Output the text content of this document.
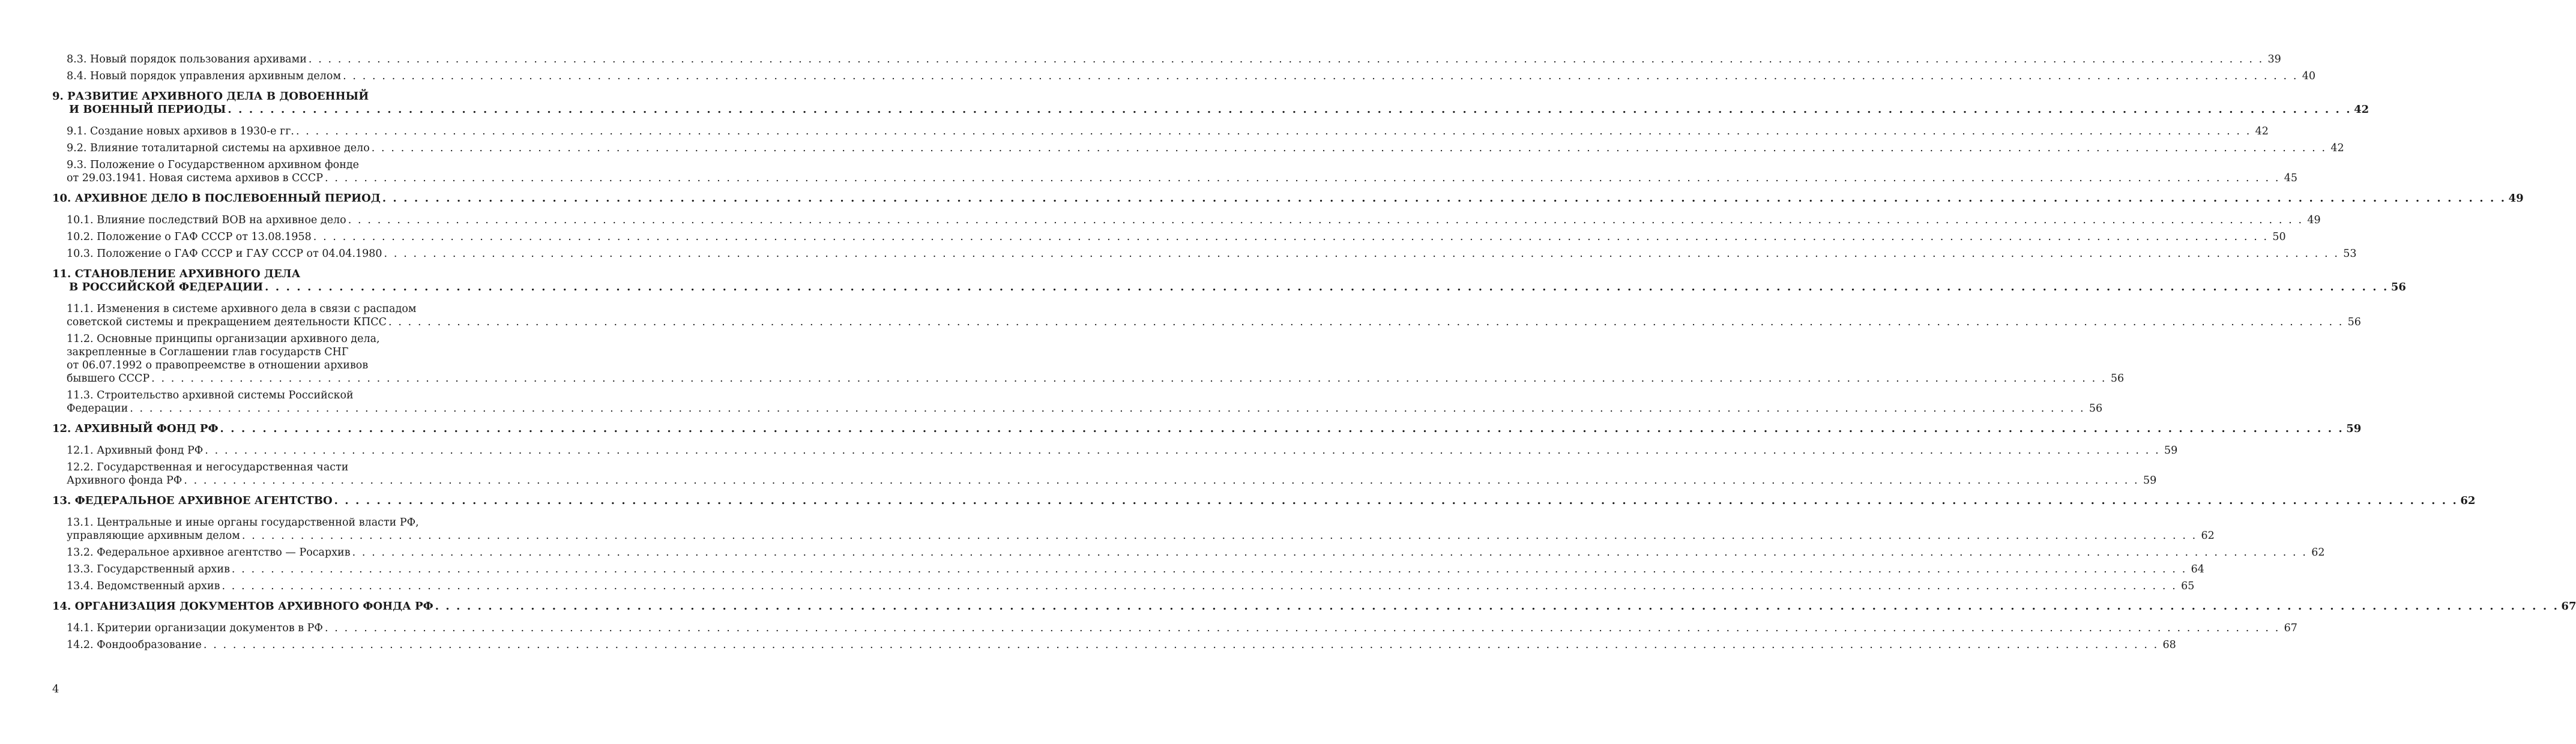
8.3. Новый порядок пользования архивами . . . . . . . . . . . . . . . . . . . . . . . . . . . . . . . . . . . . . . . . . . . . . . . . . . . . . . . . . . . . . . . . . . . . . . . . . . . . . . . . . . . . . . . . . . . . . . . . . . . . . . . . . . . . . . . . . . . . . . . . . . . . . . . . . . . . . . . . . . . . . . . . . . . . . . . . . . . . . . . . . . . . . . . . . . . . . . . . . . . . . . . . . . . . . . . . . . . . . . . . 39
8.4. Новый порядок управления архивным делом . . . . . . . . . . . . . . . . . . . . . . . . . . . . . . . . . . . . . . . . . . . . . . . . . . . . . . . . . . . . . . . . . . . . . . . . . . . . . . . . . . . . . . . . . . . . . . . . . . . . . . . . . . . . . . . . . . . . . . . . . . . . . . . . . . . . . . . . . . . . . . . . . . . . . . . . . . . . . . . . . . . . . . . . . . . . . . . . . . . . . . . . . . . . . . . . . . . . . . . . 40
9. РАЗВИТИЕ АРХИВНОГО ДЕЛА В ДОВОЕННЫЙ
И ВОЕННЫЙ ПЕРИОДЫ . . . . . . . . . . . . . . . . . . . . . . . . . . . . . . . . . . . . . . . . . . . . . . . . . . . . . . . . . . . . . . . . . . . . . . . . . . . . . . . . . . . . . . . . . . . . . . . . . . . . . . . . . . . . . . . . . . . . . . . . . . . . . . . . . . . . . . . . . . . . . . . . . . . . . . . . . . . . . . . . . . . . . . . . . . . . . . . . . . . . . . . . . . . . . . . . . . . . . . . . 42
9.1. Создание новых архивов в 1930-е гг. . . . . . . . . . . . . . . . . . . . . . . . . . . . . . . . . . . . . . . . . . . . . . . . . . . . . . . . . . . . . . . . . . . . . . . . . . . . . . . . . . . . . . . . . . . . . . . . . . . . . . . . . . . . . . . . . . . . . . . . . . . . . . . . . . . . . . . . . . . . . . . . . . . . . . . . . . . . . . . . . . . . . . . . . . . . . . . . . . . . . . . . . . . . . . . . . . . . . . . . . 42
9.2. Влияние тоталитарной системы на архивное дело . . . . . . . . . . . . . . . . . . . . . . . . . . . . . . . . . . . . . . . . . . . . . . . . . . . . . . . . . . . . . . . . . . . . . . . . . . . . . . . . . . . . . . . . . . . . . . . . . . . . . . . . . . . . . . . . . . . . . . . . . . . . . . . . . . . . . . . . . . . . . . . . . . . . . . . . . . . . . . . . . . . . . . . . . . . . . . . . . . . . . . . . . . . . . . . . . . . . . . . . 42
9.3. Положение о Государственном архивном фонде
от 29.03.1941. Новая система архивов в СССР . . . . . . . . . . . . . . . . . . . . . . . . . . . . . . . . . . . . . . . . . . . . . . . . . . . . . . . . . . . . . . . . . . . . . . . . . . . . . . . . . . . . . . . . . . . . . . . . . . . . . . . . . . . . . . . . . . . . . . . . . . . . . . . . . . . . . . . . . . . . . . . . . . . . . . . . . . . . . . . . . . . . . . . . . . . . . . . . . . . . . . . . . . . . . . . . . . . . . . . . 45
10. АРХИВНОЕ ДЕЛО В ПОСЛЕВОЕННЫЙ ПЕРИОД . . . . . . . . . . . . . . . . . . . . . . . . . . . . . . . . . . . . . . . . . . . . . . . . . . . . . . . . . . . . . . . . . . . . . . . . . . . . . . . . . . . . . . . . . . . . . . . . . . . . . . . . . . . . . . . . . . . . . . . . . . . . . . . . . . . . . . . . . . . . . . . . . . . . . . . . . . . . . . . . . . . . . . . . . . . . . . . . . . . . . . . . . . . . . . . . . . . . . . . . 49
10.1. Влияние последствий ВОВ на архивное дело . . . . . . . . . . . . . . . . . . . . . . . . . . . . . . . . . . . . . . . . . . . . . . . . . . . . . . . . . . . . . . . . . . . . . . . . . . . . . . . . . . . . . . . . . . . . . . . . . . . . . . . . . . . . . . . . . . . . . . . . . . . . . . . . . . . . . . . . . . . . . . . . . . . . . . . . . . . . . . . . . . . . . . . . . . . . . . . . . . . . . . . . . . . . . . . . . . . . . . . . 49
10.2. Положение о ГАФ СССР от 13.08.1958 . . . . . . . . . . . . . . . . . . . . . . . . . . . . . . . . . . . . . . . . . . . . . . . . . . . . . . . . . . . . . . . . . . . . . . . . . . . . . . . . . . . . . . . . . . . . . . . . . . . . . . . . . . . . . . . . . . . . . . . . . . . . . . . . . . . . . . . . . . . . . . . . . . . . . . . . . . . . . . . . . . . . . . . . . . . . . . . . . . . . . . . . . . . . . . . . . . . . . . . . 50
10.3. Положение о ГАФ СССР и ГАУ СССР от 04.04.1980 . . . . . . . . . . . . . . . . . . . . . . . . . . . . . . . . . . . . . . . . . . . . . . . . . . . . . . . . . . . . . . . . . . . . . . . . . . . . . . . . . . . . . . . . . . . . . . . . . . . . . . . . . . . . . . . . . . . . . . . . . . . . . . . . . . . . . . . . . . . . . . . . . . . . . . . . . . . . . . . . . . . . . . . . . . . . . . . . . . . . . . . . . . . . . . . . . . . . . . . . 53
11. СТАНОВЛЕНИЕ АРХИВНОГО ДЕЛА
В РОССИЙСКОЙ ФЕДЕРАЦИИ . . . . . . . . . . . . . . . . . . . . . . . . . . . . . . . . . . . . . . . . . . . . . . . . . . . . . . . . . . . . . . . . . . . . . . . . . . . . . . . . . . . . . . . . . . . . . . . . . . . . . . . . . . . . . . . . . . . . . . . . . . . . . . . . . . . . . . . . . . . . . . . . . . . . . . . . . . . . . . . . . . . . . . . . . . . . . . . . . . . . . . . . . . . . . . . . . . . . . . . . 56
11.1. Изменения в системе архивного дела в связи с распадом
советской системы и прекращением деятельности КПСС . . . . . . . . . . . . . . . . . . . . . . . . . . . . . . . . . . . . . . . . . . . . . . . . . . . . . . . . . . . . . . . . . . . . . . . . . . . . . . . . . . . . . . . . . . . . . . . . . . . . . . . . . . . . . . . . . . . . . . . . . . . . . . . . . . . . . . . . . . . . . . . . . . . . . . . . . . . . . . . . . . . . . . . . . . . . . . . . . . . . . . . . . . . . . . . . . . . . . . . . 56
11.2. Основные принципы организации архивного дела,
закрепленные в Соглашении глав государств СНГ
от 06.07.1992 о правопреемстве в отношении архивов
бывшего СССР . . . . . . . . . . . . . . . . . . . . . . . . . . . . . . . . . . . . . . . . . . . . . . . . . . . . . . . . . . . . . . . . . . . . . . . . . . . . . . . . . . . . . . . . . . . . . . . . . . . . . . . . . . . . . . . . . . . . . . . . . . . . . . . . . . . . . . . . . . . . . . . . . . . . . . . . . . . . . . . . . . . . . . . . . . . . . . . . . . . . . . . . . . . . . . . . . . . . . . . . 56
11.3. Строительство архивной системы Российской
Федерации . . . . . . . . . . . . . . . . . . . . . . . . . . . . . . . . . . . . . . . . . . . . . . . . . . . . . . . . . . . . . . . . . . . . . . . . . . . . . . . . . . . . . . . . . . . . . . . . . . . . . . . . . . . . . . . . . . . . . . . . . . . . . . . . . . . . . . . . . . . . . . . . . . . . . . . . . . . . . . . . . . . . . . . . . . . . . . . . . . . . . . . . . . . . . . . . . . . . . . . . 56
12. АРХИВНЫЙ ФОНД РФ . . . . . . . . . . . . . . . . . . . . . . . . . . . . . . . . . . . . . . . . . . . . . . . . . . . . . . . . . . . . . . . . . . . . . . . . . . . . . . . . . . . . . . . . . . . . . . . . . . . . . . . . . . . . . . . . . . . . . . . . . . . . . . . . . . . . . . . . . . . . . . . . . . . . . . . . . . . . . . . . . . . . . . . . . . . . . . . . . . . . . . . . . . . . . . . . . . . . . . . . 59
12.1. Архивный фонд РФ . . . . . . . . . . . . . . . . . . . . . . . . . . . . . . . . . . . . . . . . . . . . . . . . . . . . . . . . . . . . . . . . . . . . . . . . . . . . . . . . . . . . . . . . . . . . . . . . . . . . . . . . . . . . . . . . . . . . . . . . . . . . . . . . . . . . . . . . . . . . . . . . . . . . . . . . . . . . . . . . . . . . . . . . . . . . . . . . . . . . . . . . . . . . . . . . . . . . . . . . 59
12.2. Государственная и негосударственная части
Архивного фонда РФ . . . . . . . . . . . . . . . . . . . . . . . . . . . . . . . . . . . . . . . . . . . . . . . . . . . . . . . . . . . . . . . . . . . . . . . . . . . . . . . . . . . . . . . . . . . . . . . . . . . . . . . . . . . . . . . . . . . . . . . . . . . . . . . . . . . . . . . . . . . . . . . . . . . . . . . . . . . . . . . . . . . . . . . . . . . . . . . . . . . . . . . . . . . . . . . . . . . . . . . . 59
13. ФЕДЕРАЛЬНОЕ АРХИВНОЕ АГЕНТСТВО . . . . . . . . . . . . . . . . . . . . . . . . . . . . . . . . . . . . . . . . . . . . . . . . . . . . . . . . . . . . . . . . . . . . . . . . . . . . . . . . . . . . . . . . . . . . . . . . . . . . . . . . . . . . . . . . . . . . . . . . . . . . . . . . . . . . . . . . . . . . . . . . . . . . . . . . . . . . . . . . . . . . . . . . . . . . . . . . . . . . . . . . . . . . . . . . . . . . . . . . 62
13.1. Центральные и иные органы государственной власти РФ,
управляющие архивным делом . . . . . . . . . . . . . . . . . . . . . . . . . . . . . . . . . . . . . . . . . . . . . . . . . . . . . . . . . . . . . . . . . . . . . . . . . . . . . . . . . . . . . . . . . . . . . . . . . . . . . . . . . . . . . . . . . . . . . . . . . . . . . . . . . . . . . . . . . . . . . . . . . . . . . . . . . . . . . . . . . . . . . . . . . . . . . . . . . . . . . . . . . . . . . . . . . . . . . . . . 62
13.2. Федеральное архивное агентство — Росархив . . . . . . . . . . . . . . . . . . . . . . . . . . . . . . . . . . . . . . . . . . . . . . . . . . . . . . . . . . . . . . . . . . . . . . . . . . . . . . . . . . . . . . . . . . . . . . . . . . . . . . . . . . . . . . . . . . . . . . . . . . . . . . . . . . . . . . . . . . . . . . . . . . . . . . . . . . . . . . . . . . . . . . . . . . . . . . . . . . . . . . . . . . . . . . . . . . . . . . . . 62
13.3. Государственный архив . . . . . . . . . . . . . . . . . . . . . . . . . . . . . . . . . . . . . . . . . . . . . . . . . . . . . . . . . . . . . . . . . . . . . . . . . . . . . . . . . . . . . . . . . . . . . . . . . . . . . . . . . . . . . . . . . . . . . . . . . . . . . . . . . . . . . . . . . . . . . . . . . . . . . . . . . . . . . . . . . . . . . . . . . . . . . . . . . . . . . . . . . . . . . . . . . . . . . . . . 64
13.4. Ведомственный архив . . . . . . . . . . . . . . . . . . . . . . . . . . . . . . . . . . . . . . . . . . . . . . . . . . . . . . . . . . . . . . . . . . . . . . . . . . . . . . . . . . . . . . . . . . . . . . . . . . . . . . . . . . . . . . . . . . . . . . . . . . . . . . . . . . . . . . . . . . . . . . . . . . . . . . . . . . . . . . . . . . . . . . . . . . . . . . . . . . . . . . . . . . . . . . . . . . . . . . . . 65
14. ОРГАНИЗАЦИЯ ДОКУМЕНТОВ АРХИВНОГО ФОНДА РФ . . . . . . . . . . . . . . . . . . . . . . . . . . . . . . . . . . . . . . . . . . . . . . . . . . . . . . . . . . . . . . . . . . . . . . . . . . . . . . . . . . . . . . . . . . . . . . . . . . . . . . . . . . . . . . . . . . . . . . . . . . . . . . . . . . . . . . . . . . . . . . . . . . . . . . . . . . . . . . . . . . . . . . . . . . . . . . . . . . . . . . . . . . . . . . . . . . . . . . . . 67
14.1. Критерии организации документов в РФ . . . . . . . . . . . . . . . . . . . . . . . . . . . . . . . . . . . . . . . . . . . . . . . . . . . . . . . . . . . . . . . . . . . . . . . . . . . . . . . . . . . . . . . . . . . . . . . . . . . . . . . . . . . . . . . . . . . . . . . . . . . . . . . . . . . . . . . . . . . . . . . . . . . . . . . . . . . . . . . . . . . . . . . . . . . . . . . . . . . . . . . . . . . . . . . . . . . . . . . . 67
14.2. Фондообразование . . . . . . . . . . . . . . . . . . . . . . . . . . . . . . . . . . . . . . . . . . . . . . . . . . . . . . . . . . . . . . . . . . . . . . . . . . . . . . . . . . . . . . . . . . . . . . . . . . . . . . . . . . . . . . . . . . . . . . . . . . . . . . . . . . . . . . . . . . . . . . . . . . . . . . . . . . . . . . . . . . . . . . . . . . . . . . . . . . . . . . . . . . . . . . . . . . . . . . . . 68
4
